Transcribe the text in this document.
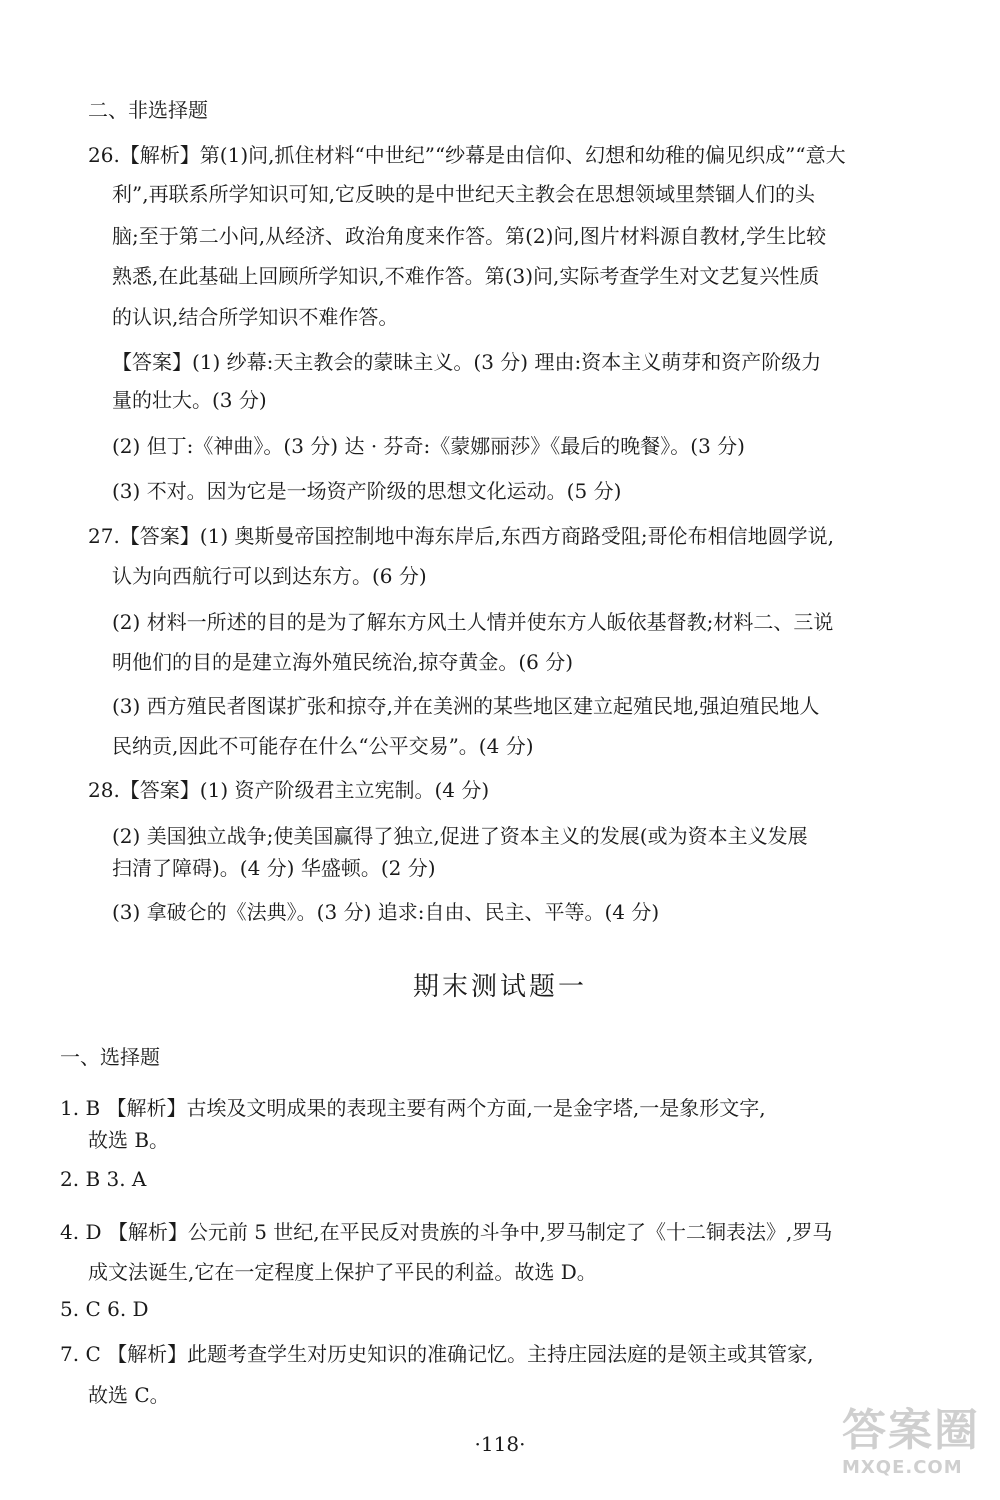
二、非选择题
26.【解析】第(1)问,抓住材料“中世纪”“纱幕是由信仰、幻想和幼稚的偏见织成”“意大
利”,再联系所学知识可知,它反映的是中世纪天主教会在思想领域里禁锢人们的头
脑;至于第二小问,从经济、政治角度来作答。第(2)问,图片材料源自教材,学生比较
熟悉,在此基础上回顾所学知识,不难作答。第(3)问,实际考查学生对文艺复兴性质
的认识,结合所学知识不难作答。
【答案】(1) 纱幕:天主教会的蒙昧主义。(3 分) 理由:资本主义萌芽和资产阶级力
量的壮大。(3 分)
(2) 但丁:《神曲》。(3 分) 达 · 芬奇:《蒙娜丽莎》《最后的晚餐》。(3 分)
(3) 不对。因为它是一场资产阶级的思想文化运动。(5 分)
27.【答案】(1) 奥斯曼帝国控制地中海东岸后,东西方商路受阻;哥伦布相信地圆学说,
认为向西航行可以到达东方。(6 分)
(2) 材料一所述的目的是为了解东方风土人情并使东方人皈依基督教;材料二、三说
明他们的目的是建立海外殖民统治,掠夺黄金。(6 分)
(3) 西方殖民者图谋扩张和掠夺,并在美洲的某些地区建立起殖民地,强迫殖民地人
民纳贡,因此不可能存在什么“公平交易”。(4 分)
28.【答案】(1) 资产阶级君主立宪制。(4 分)
(2) 美国独立战争;使美国赢得了独立,促进了资本主义的发展(或为资本主义发展
扫清了障碍)。(4 分) 华盛顿。(2 分)
(3) 拿破仑的《法典》。(3 分) 追求:自由、民主、平等。(4 分)
期末测试题一
一、选择题
1. B 【解析】古埃及文明成果的表现主要有两个方面,一是金字塔,一是象形文字,
故选 B。
2. B 3. A
4. D 【解析】公元前 5 世纪,在平民反对贵族的斗争中,罗马制定了《十二铜表法》,罗马
成文法诞生,它在一定程度上保护了平民的利益。故选 D。
5. C 6. D
7. C 【解析】此题考查学生对历史知识的准确记忆。主持庄园法庭的是领主或其管家,
故选 C。
·118·	答案圈
MXQE.COM
